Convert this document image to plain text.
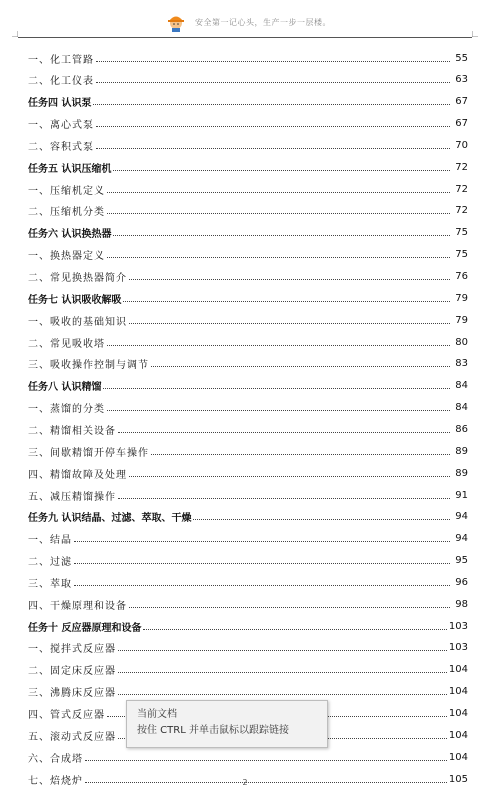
安全第一记心头，生产一步一层楼。
一、化工管路	55
二、化工仪表	63
任务四 认识泵	67
一、离心式泵	67
二、容积式泵	70
任务五 认识压缩机	72
一、压缩机定义	72
二、压缩机分类	72
任务六 认识换热器	75
一、换热器定义	75
二、常见换热器简介	76
任务七 认识吸收解吸	79
一、吸收的基础知识	79
二、常见吸收塔	80
三、吸收操作控制与调节	83
任务八 认识精馏	84
一、蒸馏的分类	84
二、精馏相关设备	86
三、间歇精馏开停车操作	89
四、精馏故障及处理	89
五、减压精馏操作	91
任务九 认识结晶、过滤、萃取、干燥	94
一、结晶	94
二、过滤	95
三、萃取	96
四、干燥原理和设备	98
任务十 反应器原理和设备	103
一、搅拌式反应器	103
二、固定床反应器	104
三、沸腾床反应器	104
四、管式反应器	104
五、滚动式反应器	104
六、合成塔	104
七、焙烧炉	105
当前文档
按住 CTRL 并单击鼠标以跟踪链接
2
